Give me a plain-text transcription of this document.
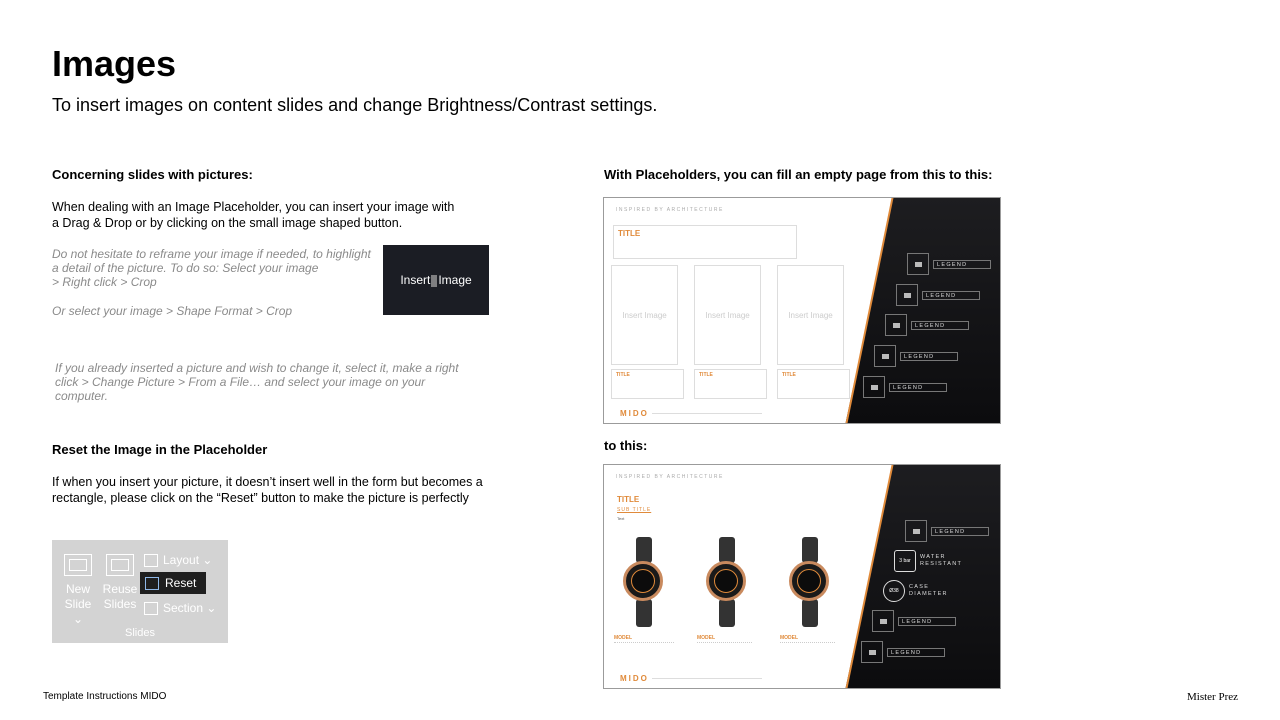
Images

To insert images on content slides and change Brightness/Contrast settings.

Concerning slides with pictures:

When dealing with an Image Placeholder, you can insert your image with

a Drag & Drop or by clicking on the small image shaped button.

Do not hesitate to reframe your image if needed, to highlight

a detail of the picture. To do so: Select your image

> Right click > Crop

Or select your image > Shape Format > Crop

Insert Image

If you already inserted a picture and wish to change it, select it, make a right

click > Change Picture > From a File… and select your image on your

computer.

Reset the Image in the Placeholder

If when you insert your picture, it doesn’t insert well in the form but becomes a

rectangle, please click on the “Reset” button to make the picture is perfectly

New
Slide ⌄
Reuse
Slides
Layout ⌄
Reset
Section ⌄
Slides

With Placeholders, you can fill an empty page from this to this:

INSPIRED BY ARCHITECTURE
TITLE
Insert Image	Insert Image	Insert Image
TITLE	TITLE	TITLE
LEGEND
LEGEND
LEGEND
LEGEND
LEGEND
MIDO

to this:

INSPIRED BY ARCHITECTURE
TITLE
SUB TITLE
Text
MODEL	MODEL	MODEL
LEGEND
3 bar
WATER
RESISTANT
Ø38
CASE
DIAMETER
LEGEND
LEGEND
MIDO
Template Instructions MIDO	Mister Prez
